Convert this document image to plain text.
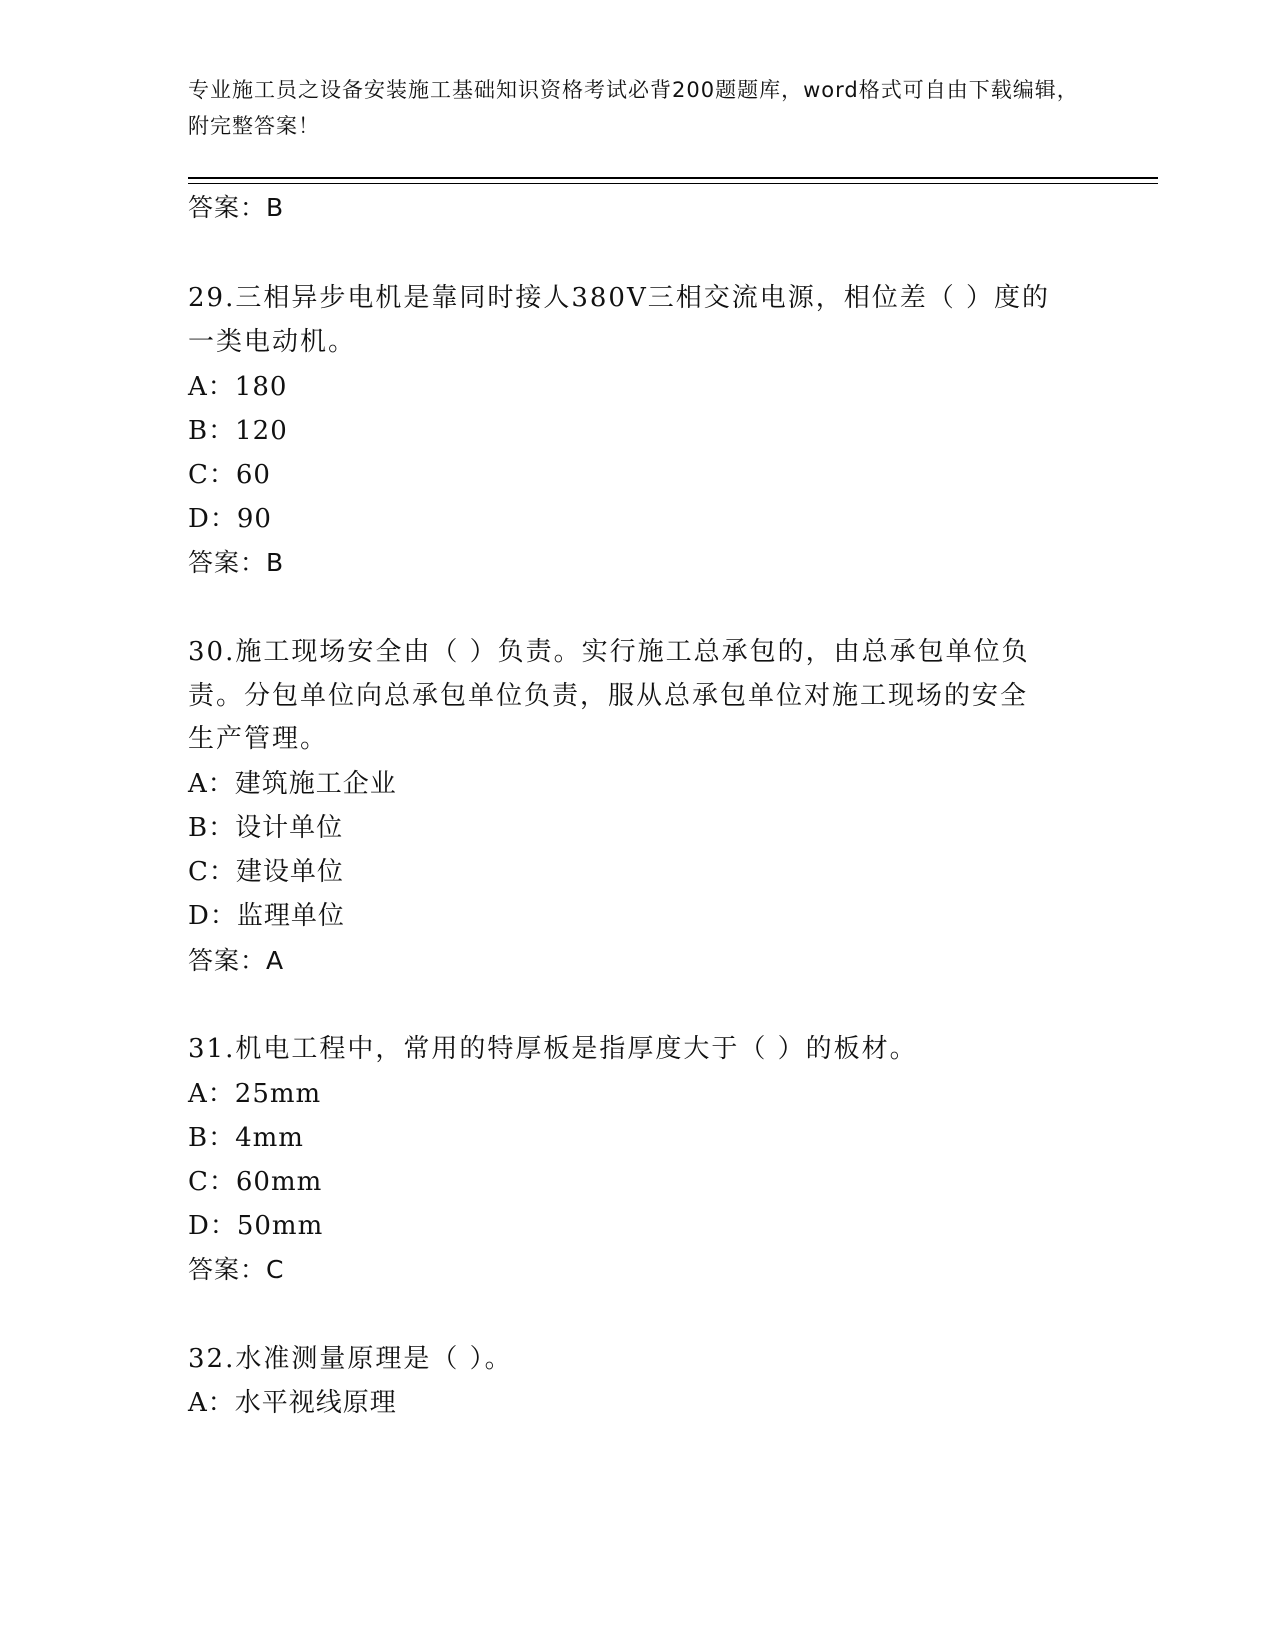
专业施工员之设备安装施工基础知识资格考试必背200题题库，word格式可自由下载编辑，附完整答案！
答案：B
29.三相异步电机是靠同时接人380V三相交流电源，相位差（ ）度的
一类电动机。
A：180
B：120
C：60
D：90
答案：B
30.施工现场安全由（ ）负责。实行施工总承包的，由总承包单位负
责。分包单位向总承包单位负责，服从总承包单位对施工现场的安全
生产管理。
A：建筑施工企业
B：设计单位
C：建设单位
D：监理单位
答案：A
31.机电工程中，常用的特厚板是指厚度大于（ ）的板材。
A：25mm
B：4mm
C：60mm
D：50mm
答案：C
32.水准测量原理是（ ）。
A：水平视线原理
